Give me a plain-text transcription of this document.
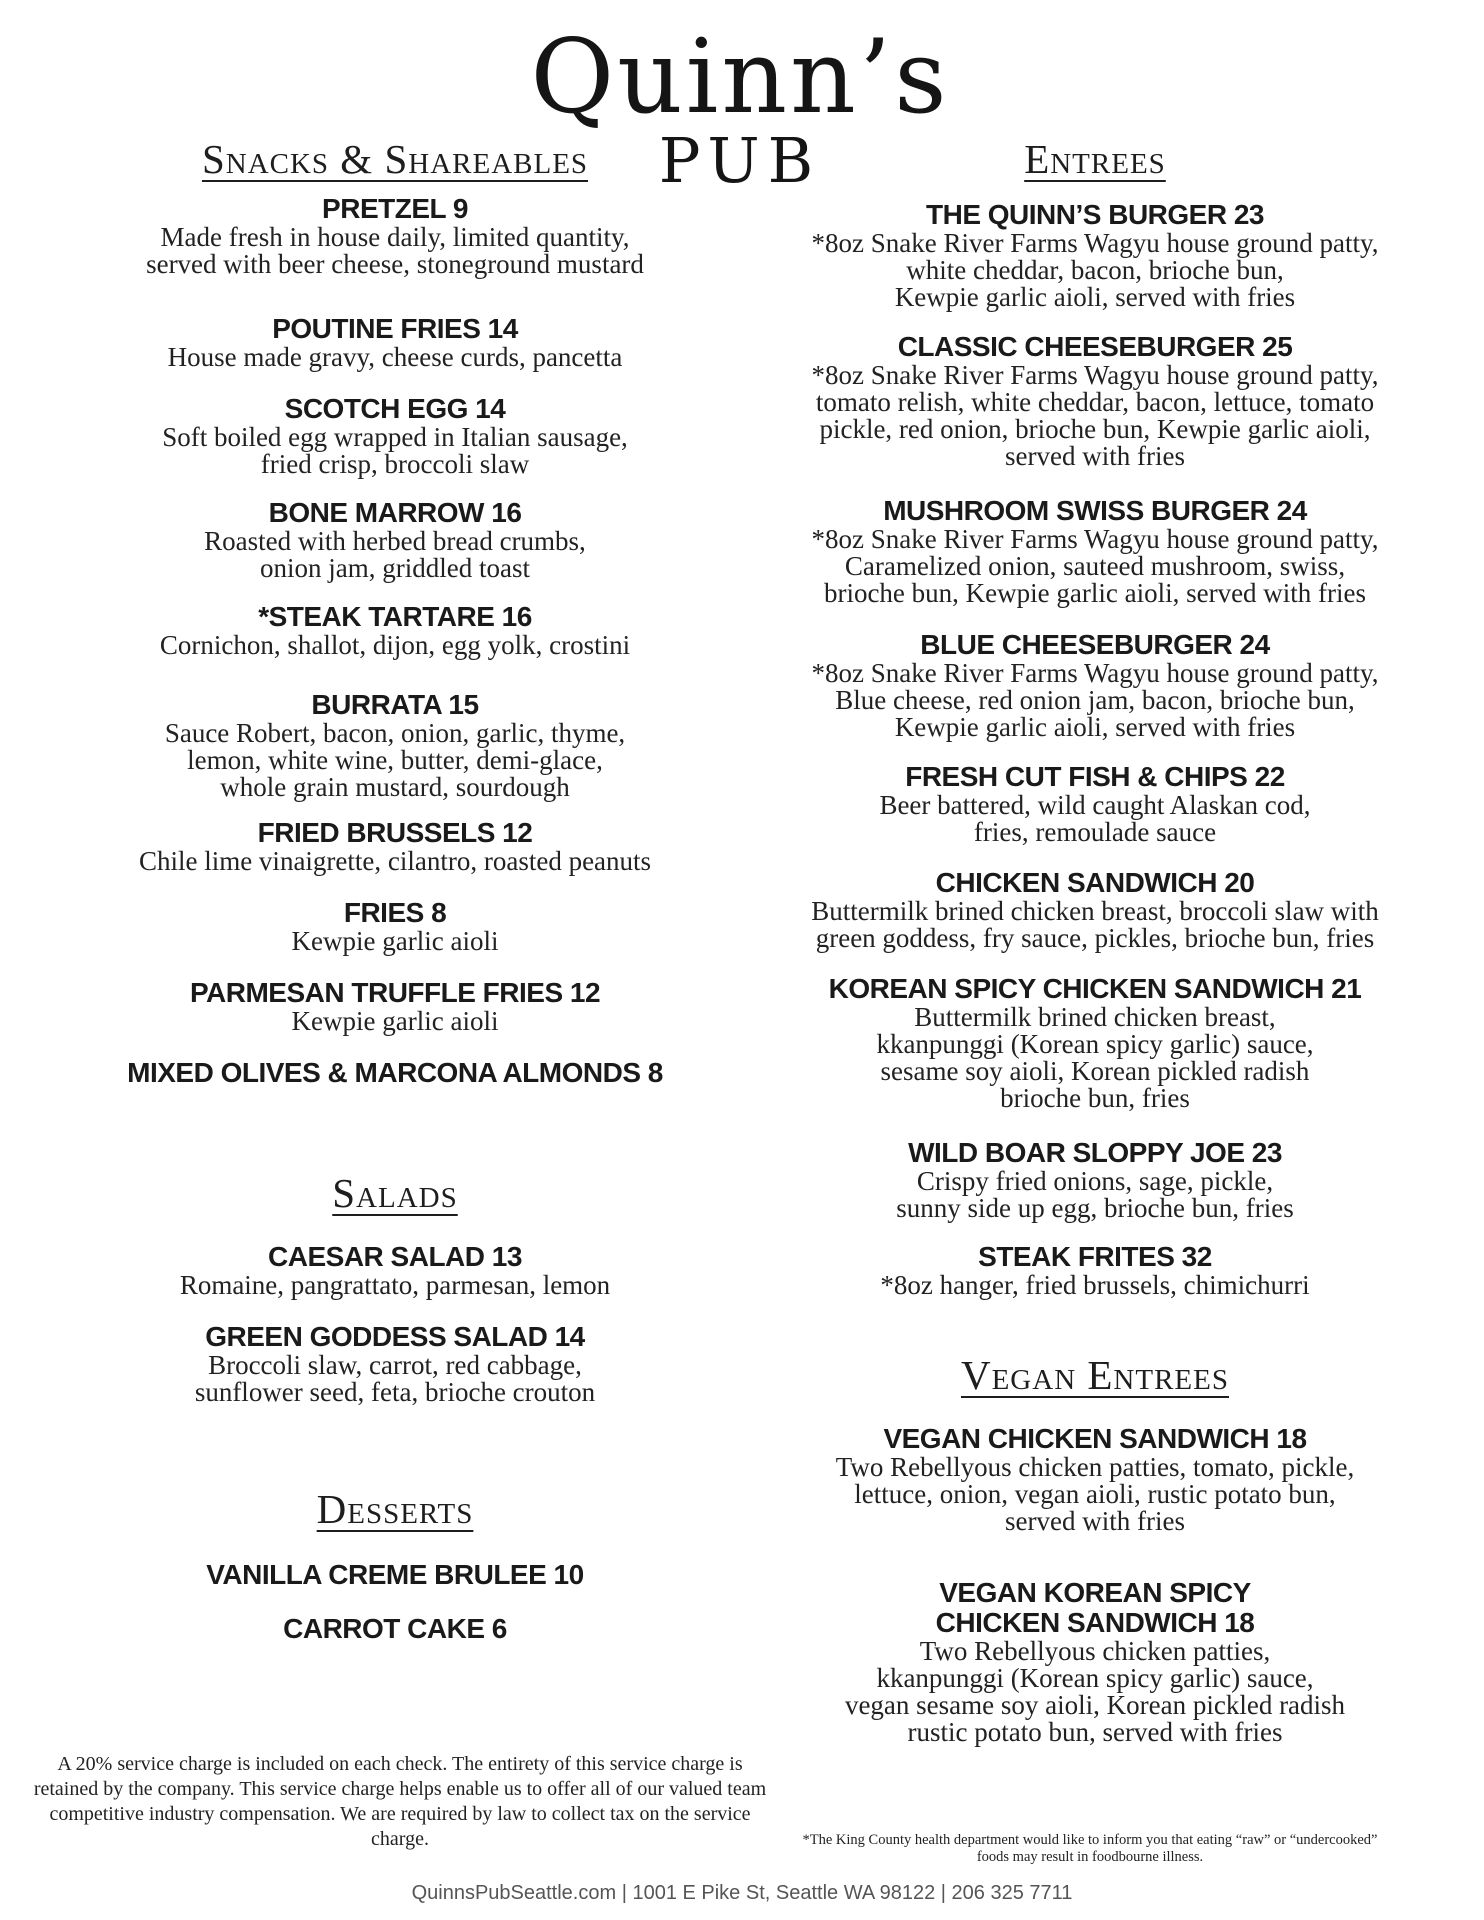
Quinn’s
PUB
Snacks & Shareables
PRETZEL 9
Made fresh in house daily, limited quantity,
served with beer cheese, stoneground mustard
POUTINE FRIES 14
House made gravy, cheese curds, pancetta
SCOTCH EGG 14
Soft boiled egg wrapped in Italian sausage,
fried crisp, broccoli slaw
BONE MARROW 16
Roasted with herbed bread crumbs,
onion jam, griddled toast
*STEAK TARTARE 16
Cornichon, shallot, dijon, egg yolk, crostini
BURRATA 15
Sauce Robert, bacon, onion, garlic, thyme,
lemon, white wine, butter, demi-glace,
whole grain mustard, sourdough
FRIED BRUSSELS 12
Chile lime vinaigrette, cilantro, roasted peanuts
FRIES 8
Kewpie garlic aioli
PARMESAN TRUFFLE FRIES 12
Kewpie garlic aioli
MIXED OLIVES & MARCONA ALMONDS 8
Salads
CAESAR SALAD 13
Romaine, pangrattato, parmesan, lemon
GREEN GODDESS SALAD 14
Broccoli slaw, carrot, red cabbage,
sunflower seed, feta, brioche crouton
Desserts
VANILLA CREME BRULEE 10
CARROT CAKE 6
Entrees
THE QUINN’S BURGER 23
*8oz Snake River Farms Wagyu house ground patty,
white cheddar, bacon, brioche bun,
Kewpie garlic aioli, served with fries
CLASSIC CHEESEBURGER 25
*8oz Snake River Farms Wagyu house ground patty,
tomato relish, white cheddar, bacon, lettuce, tomato
pickle, red onion, brioche bun, Kewpie garlic aioli,
served with fries
MUSHROOM SWISS BURGER 24
*8oz Snake River Farms Wagyu house ground patty,
Caramelized onion, sauteed mushroom, swiss,
brioche bun, Kewpie garlic aioli, served with fries
BLUE CHEESEBURGER 24
*8oz Snake River Farms Wagyu house ground patty,
Blue cheese, red onion jam, bacon, brioche bun,
Kewpie garlic aioli, served with fries
FRESH CUT FISH & CHIPS 22
Beer battered, wild caught Alaskan cod,
fries, remoulade sauce
CHICKEN SANDWICH 20
Buttermilk brined chicken breast, broccoli slaw with
green goddess, fry sauce, pickles, brioche bun, fries
KOREAN SPICY CHICKEN SANDWICH 21
Buttermilk brined chicken breast,
kkanpunggi (Korean spicy garlic) sauce,
sesame soy aioli, Korean pickled radish
brioche bun, fries
WILD BOAR SLOPPY JOE 23
Crispy fried onions, sage, pickle,
sunny side up egg, brioche bun, fries
STEAK FRITES 32
*8oz hanger, fried brussels, chimichurri
Vegan Entrees
VEGAN CHICKEN SANDWICH 18
Two Rebellyous chicken patties, tomato, pickle,
lettuce, onion, vegan aioli, rustic potato bun,
served with fries
VEGAN KOREAN SPICY
CHICKEN SANDWICH 18
Two Rebellyous chicken patties,
kkanpunggi (Korean spicy garlic) sauce,
vegan sesame soy aioli, Korean pickled radish
rustic potato bun, served with fries
A 20% service charge is included on each check. The entirety of this service charge is retained by the company. This service charge helps enable us to offer all of our valued team competitive industry compensation. We are required by law to collect tax on the service charge.	*The King County health department would like to inform you that eating “raw” or “undercooked” foods may result in foodbourne illness.
QuinnsPubSeattle.com | 1001 E Pike St, Seattle WA 98122 | 206 325 7711
